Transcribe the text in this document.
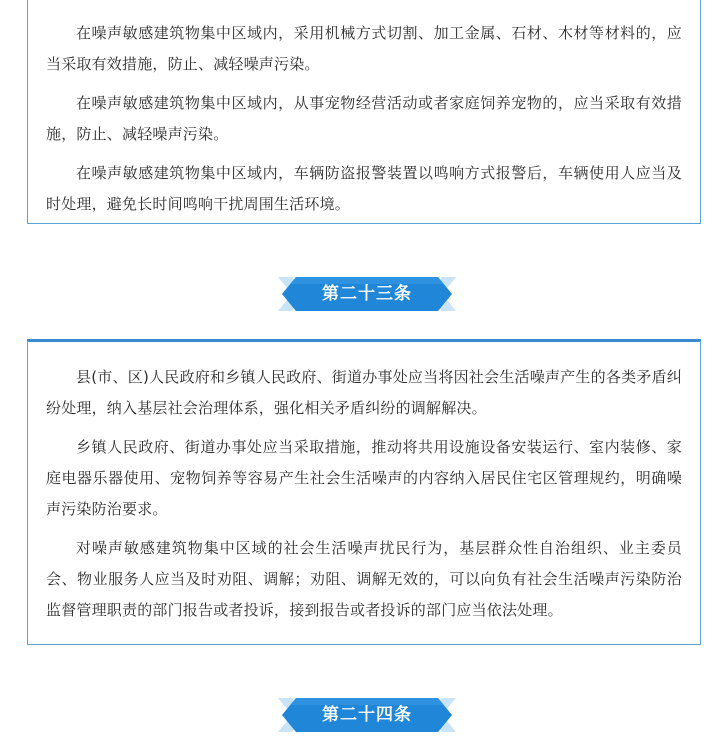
在噪声敏感建筑物集中区域内，采用机械方式切割、加工金属、石材、木材等材料的，应当采取有效措施，防止、减轻噪声污染。

在噪声敏感建筑物集中区域内，从事宠物经营活动或者家庭饲养宠物的，应当采取有效措施，防止、减轻噪声污染。

在噪声敏感建筑物集中区域内，车辆防盗报警装置以鸣响方式报警后，车辆使用人应当及时处理，避免长时间鸣响干扰周围生活环境。

第二十三条

县(市、区)人民政府和乡镇人民政府、街道办事处应当将因社会生活噪声产生的各类矛盾纠纷处理，纳入基层社会治理体系，强化相关矛盾纠纷的调解解决。

乡镇人民政府、街道办事处应当采取措施，推动将共用设施设备安装运行、室内装修、家庭电器乐器使用、宠物饲养等容易产生社会生活噪声的内容纳入居民住宅区管理规约，明确噪声污染防治要求。

对噪声敏感建筑物集中区域的社会生活噪声扰民行为，基层群众性自治组织、业主委员会、物业服务人应当及时劝阻、调解；劝阻、调解无效的，可以向负有社会生活噪声污染防治监督管理职责的部门报告或者投诉，接到报告或者投诉的部门应当依法处理。

第二十四条
